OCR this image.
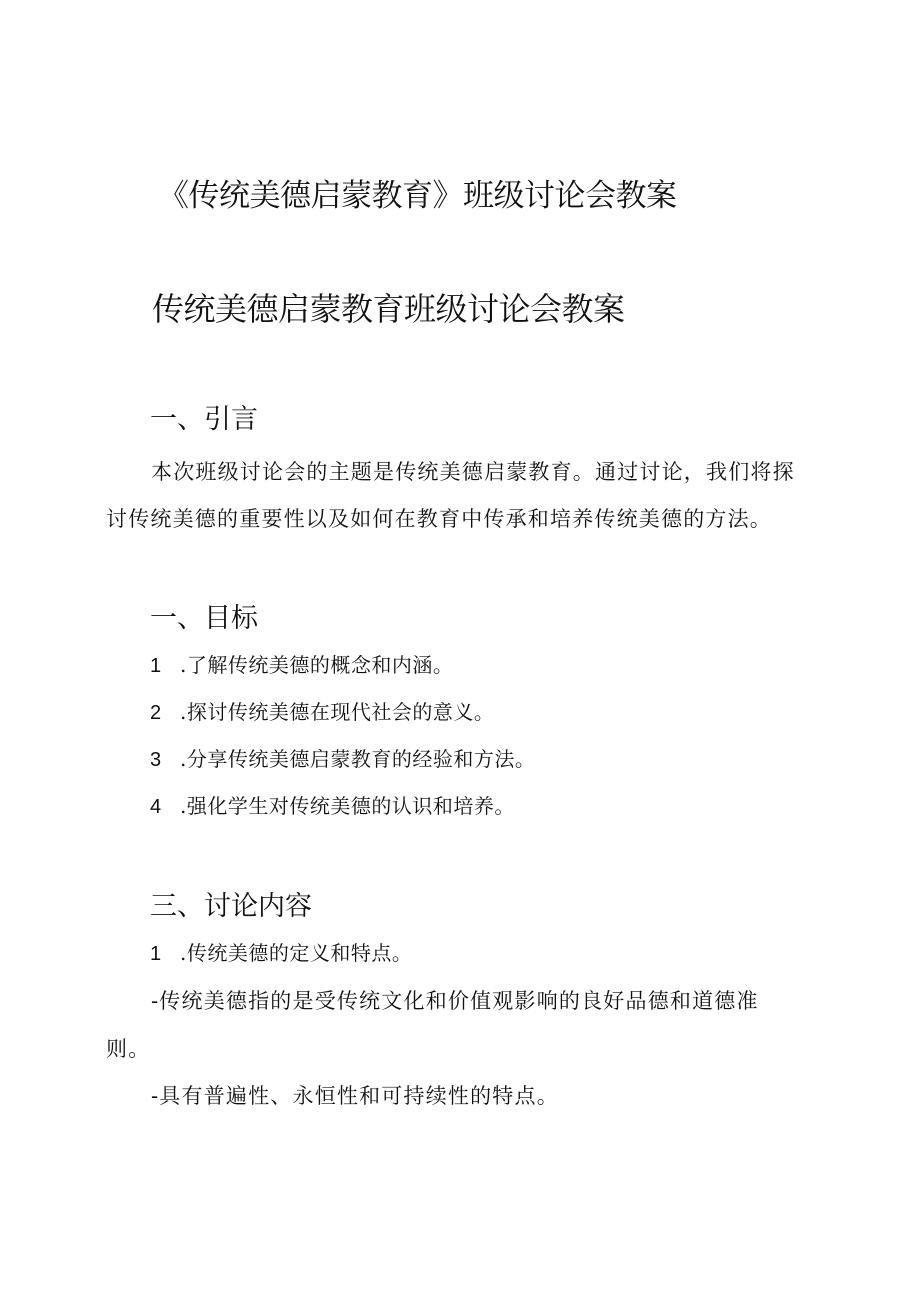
《传统美德启蒙教育》班级讨论会教案
传统美德启蒙教育班级讨论会教案
一、引言

本次班级讨论会的主题是传统美德启蒙教育。通过讨论，我们将探

讨传统美德的重要性以及如何在教育中传承和培养传统美德的方法。

一、目标
1 .了解传统美德的概念和内涵。
2 .探讨传统美德在现代社会的意义。
3 .分享传统美德启蒙教育的经验和方法。
4 .强化学生对传统美德的认识和培养。
三、讨论内容
1 .传统美德的定义和特点。

-传统美德指的是受传统文化和价值观影响的良好品德和道德准

则。

-具有普遍性、永恒性和可持续性的特点。
